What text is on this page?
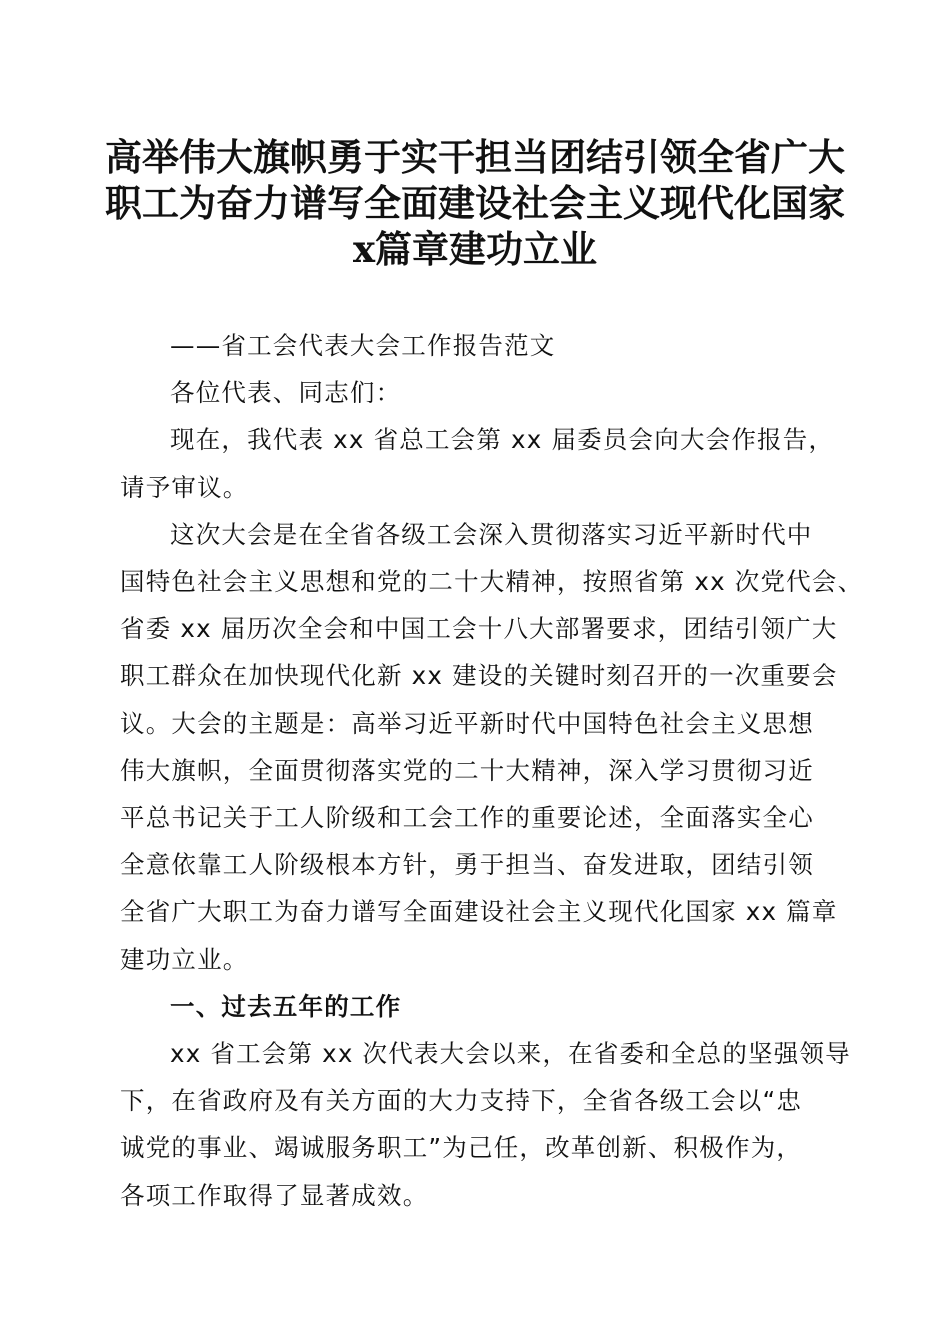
高举伟大旗帜勇于实干担当团结引领全省广大
职工为奋力谱写全面建设社会主义现代化国家
x篇章建功立业

——省工会代表大会工作报告范文

各位代表、同志们：

现在，我代表 xx 省总工会第 xx 届委员会向大会作报告，
请予审议。

这次大会是在全省各级工会深入贯彻落实习近平新时代中
国特色社会主义思想和党的二十大精神，按照省第 xx 次党代会、
省委 xx 届历次全会和中国工会十八大部署要求，团结引领广大
职工群众在加快现代化新 xx 建设的关键时刻召开的一次重要会
议。大会的主题是：高举习近平新时代中国特色社会主义思想
伟大旗帜，全面贯彻落实党的二十大精神，深入学习贯彻习近
平总书记关于工人阶级和工会工作的重要论述，全面落实全心
全意依靠工人阶级根本方针，勇于担当、奋发进取，团结引领
全省广大职工为奋力谱写全面建设社会主义现代化国家 xx 篇章
建功立业。

一、过去五年的工作

xx 省工会第 xx 次代表大会以来，在省委和全总的坚强领导
下，在省政府及有关方面的大力支持下，全省各级工会以“忠
诚党的事业、竭诚服务职工”为己任，改革创新、积极作为，
各项工作取得了显著成效。
